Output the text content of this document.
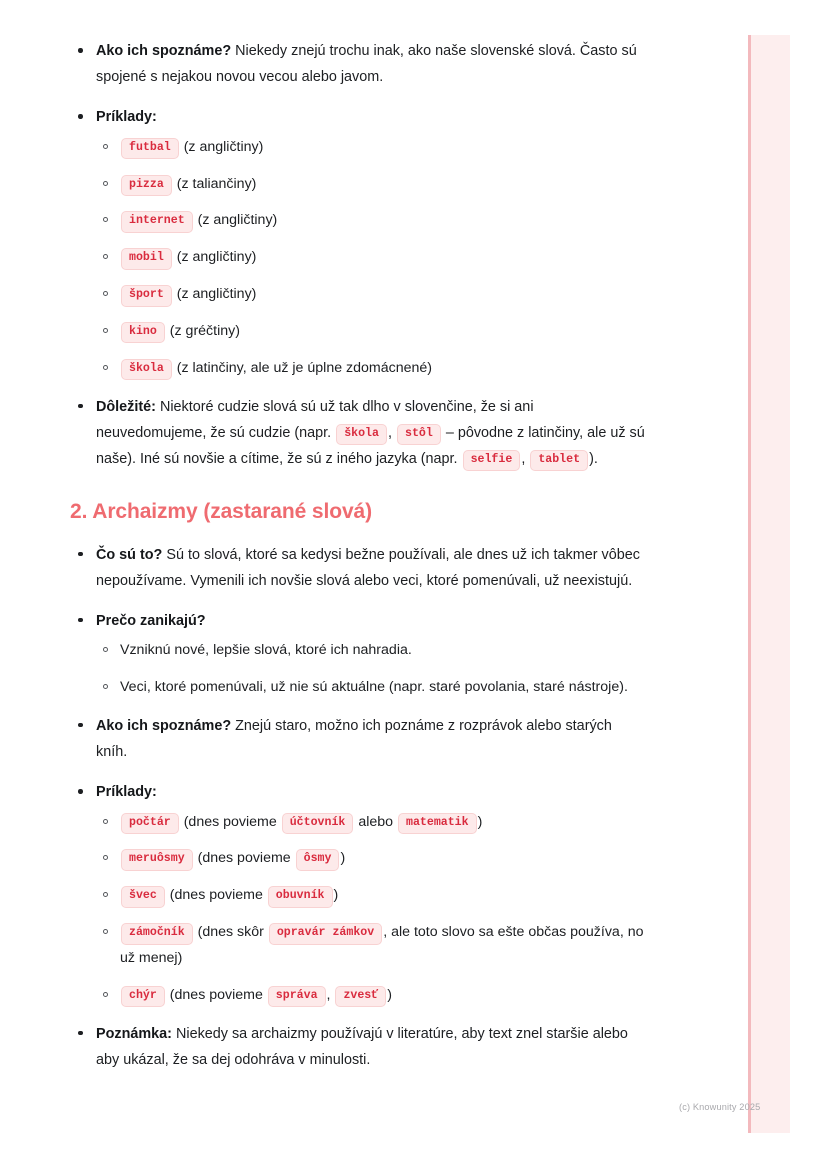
Ako ich spoznáme? Niekedy znejú trochu inak, ako naše slovenské slová. Často sú spojené s nejakou novou vecou alebo javom.
Príklady:
futbal (z angličtiny)
pizza (z taliančiny)
internet (z angličtiny)
mobil (z angličtiny)
šport (z angličtiny)
kino (z gréčtiny)
škola (z latinčiny, ale už je úplne zdomácnené)
Dôležité: Niektoré cudzie slová sú už tak dlho v slovenčine, že si ani neuvedomujeme, že sú cudzie (napr. škola , stôl – pôvodne z latinčiny, ale už sú naše). Iné sú novšie a cítime, že sú z iného jazyka (napr. selfie , tablet ).
2. Archaizmy (zastarané slová)
Čo sú to? Sú to slová, ktoré sa kedysi bežne používali, ale dnes už ich takmer vôbec nepoužívame. Vymenili ich novšie slová alebo veci, ktoré pomenúvali, už neexistujú.
Prečo zanikajú?
Vzniknú nové, lepšie slová, ktoré ich nahradia.
Veci, ktoré pomenúvali, už nie sú aktuálne (napr. staré povolania, staré nástroje).
Ako ich spoznáme? Znejú staro, možno ich poznáme z rozprávok alebo starých kníh.
Príklady:
počtár (dnes povieme účtovník alebo matematik )
meruôsmy (dnes povieme ôsmy )
švec (dnes povieme obuvník )
zámočník (dnes skôr opravár zámkov , ale toto slovo sa ešte občas používa, no už menej)
chýr (dnes povieme správa , zvesť )
Poznámka: Niekedy sa archaizmy používajú v literatúre, aby text znel staršie alebo aby ukázal, že sa dej odohráva v minulosti.
(c) Knowunity 2025
